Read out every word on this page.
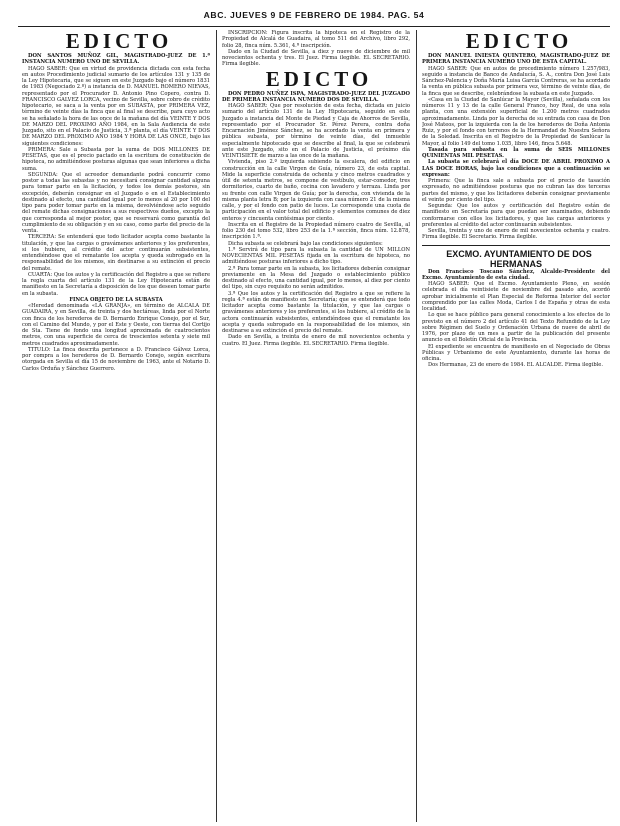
ABC. JUEVES 9 DE FEBRERO DE 1984. PAG. 54

EDICTO

DON SANTOS MUÑOZ GIL, MAGISTRADO-JUEZ DE 1.ª INSTANCIA NUMERO UNO DE SEVILLA.

HAGO SABER: Que en virtud de providencia dictada con esta fecha en autos Procedimiento judicial sumario de los artículos 131 y 135 de la Ley Hipotecaria, que se siguen en este Juzgado bajo el número 1831 de 1983 (Negociado 2.º) a instancia de D. MANUEL ROMERO NIEVAS, representado por el Procurador D. Antonio Pino Copero, contra D. FRANCISCO GALVEZ LORCA, vecino de Sevilla, sobre cobro de crédito hipotecario, se saca a la venta por en SUBASTA, por PRIMERA VEZ, término de veinte días la finca que al final se describe, para cuyo acto se ha señalado la hora de las once de la mañana del día VEINTE Y DOS DE MARZO DEL PROXIMO AÑO 1984, en la Sala Audiencia de este Juzgado, sito en el Palacio de Justicia, 3.ª planta, el día VEINTE Y DOS DE MARZO DEL PROXIMO AÑO 1984 Y HORA DE LAS ONCE, bajo las siguientes condiciones:

PRIMERA: Sale a Subasta por la suma de DOS MILLONES DE PESETAS, que es el precio pactado en la escritura de constitución de hipoteca, no admitiéndose posturas algunas que sean inferiores a dicha suma.

SEGUNDA: Que el acreedor demandante podrá concurrir como postor a todas las subastas y no necesitará consignar cantidad alguna para tomar parte en la licitación, y todos los demás postores, sin excepción, deberán consignar en el Juzgado o en el Establecimiento destinado al efecto, una cantidad igual por lo menos al 20 por 100 del tipo para poder tomar parte en la misma, devolviéndose acto seguido del remate dichas consignaciones a sus respectivos dueños, excepto la que corresponda al mejor postor, que se reservará como garantía del cumplimiento de su obligación y en su caso, como parte del precio de la venta.

TERCERA: Se entenderá que todo licitador acepta como bastante la titulación, y que las cargas o gravámenes anteriores y los preferentes, si los hubiere, al crédito del actor continuarán subsistentes, entendiéndose que el rematante los acepta y queda subrogado en la responsabilidad de los mismos, sin destinarse a su extinción el precio del remate.

CUARTA: Que los autos y la certificación del Registro a que se refiere la regla cuarta del artículo 131 de la Ley Hipotecaria están de manifiesto en la Secretaría a disposición de los que deseen tomar parte en la subasta.

FINCA OBJETO DE LA SUBASTA

«Heredad denominada «LA GRANJA», en término de ALCALA DE GUADAIRA, y en Sevilla, de treinta y dos hectáreas, linda por el Norte con finca de los herederos de D. Bernardo Enrique Conejo, por el Sur, con el Camino del Mundo, y por el Este y Oeste, con tierras del Cortijo de Sta. Tiene de fondo una longitud aproximada de cuatrocientos metros, con una superficie de cerca de trescientos setenta y siete mil metros cuadrados aproximadamente.

TITULO: La finca descrita pertenece a D. Francisco Gálvez Lorca, por compra a los herederos de D. Bernardo Conejo, según escritura otorgada en Sevilla el día 15 de noviembre de 1963, ante el Notario D. Carlos Orduña y Sánchez Guerrero.

INSCRIPCION: Figura inscrita la hipoteca en el Registro de la Propiedad de Alcalá de Guadaira, al tomo 511 del Archivo, libro 292, folio 28, finca núm. 5.361, 4.ª inscripción.

Dado en la Ciudad de Sevilla, a diez y nueve de diciembre de mil novecientos ochenta y tres. El Juez. Firma ilegible. EL SECRETARIO. Firma ilegible.

EDICTO

DON PEDRO NUÑEZ ISPA, MAGISTRADO-JUEZ DEL JUZGADO DE PRIMERA INSTANCIA NUMERO DOS DE SEVILLA.

HAGO SABER: Que por resolución de esta fecha, dictada en juicio sumario del artículo 131 de la Ley Hipotecaria, seguido en este Juzgado a instancia del Monte de Piedad y Caja de Ahorros de Sevilla, representado por el Procurador Sr. Pérez Perera, contra doña Encarnación Jiménez Sánchez, se ha acordado la venta en primera y pública subasta, por término de veinte días, del inmueble especialmente hipotecado que se describe al final, la que se celebrará ante este Juzgado, sito en el Palacio de Justicia, el próximo día VEINTISIETE de marzo a las once de la mañana.

Vivienda, piso 2.º izquierda subiendo la escalera, del edificio en construcción en la calle Virgen de Guía, número 23, de esta capital. Mide la superficie construida de ochenta y cinco metros cuadrados y útil de setenta metros, se compone de vestíbulo, estar-comedor, tres dormitorios, cuarto de baño, cocina con lavadero y terraza. Linda por su frente con calle Virgen de Guía; por la derecha, con vivienda de la misma planta letra B; por la izquierda con casa número 21 de la misma calle, y por el fondo con patio de luces. Le corresponde una cuota de participación en el valor total del edificio y elementos comunes de diez enteros y cincuenta centésimas por ciento.

Inscrita en el Registro de la Propiedad número cuatro de Sevilla, al folio 230 del tomo 532, libro 253 de la 1.ª sección, finca núm. 12.878, inscripción 1.ª.

Dicha subasta se celebrará bajo las condiciones siguientes:

1.ª Servirá de tipo para la subasta la cantidad de UN MILLON NOVECIENTAS MIL PESETAS fijada en la escritura de hipoteca, no admitiéndose posturas inferiores a dicho tipo.

2.ª Para tomar parte en la subasta, los licitadores deberán consignar previamente en la Mesa del Juzgado o establecimiento público destinado al efecto, una cantidad igual, por lo menos, al diez por ciento del tipo, sin cuyo requisito no serán admitidos.

3.ª Que los autos y la certificación del Registro a que se refiere la regla 4.ª están de manifiesto en Secretaría; que se entenderá que todo licitador acepta como bastante la titulación, y que las cargas o gravámenes anteriores y los preferentes, si los hubiere, al crédito de la actora continuarán subsistentes, entendiéndose que el rematante los acepta y queda subrogado en la responsabilidad de los mismos, sin destinarse a su extinción el precio del remate.

Dado en Sevilla, a treinta de enero de mil novecientos ochenta y cuatro. El Juez. Firma ilegible. EL SECRETARIO. Firma ilegible.

EDICTO

DON MANUEL INIESTA QUINTERO, MAGISTRADO-JUEZ DE PRIMERA INSTANCIA NUMERO UNO DE ESTA CAPITAL.

HAGO SABER: Que en autos de procedimiento número 1.257/983, seguido a instancia de Banco de Andalucía, S. A., contra Don José Luis Sánchez-Palencia y Doña María Luisa García Contreras, se ha acordado la venta en pública subasta por primera vez, término de veinte días, de la finca que se describe, celebrándose la subasta en este Juzgado.

«Casa en la Ciudad de Sanlúcar la Mayor (Sevilla), señalada con los números 11 y 13 de la calle General Franco, hoy Real, de una sola planta, con una extensión superficial de 1.200 metros cuadrados aproximadamente. Linda por la derecha de su entrada con casa de Don José Mateos, por la izquierda con la de los herederos de Doña Antonia Ruiz, y por el fondo con terrenos de la Hermandad de Nuestra Señora de la Soledad. Inscrita en el Registro de la Propiedad de Sanlúcar la Mayor, al folio 149 del tomo 1.035, libro 146, finca 5.648.

Tasada para subasta en la suma de SEIS MILLONES QUINIENTAS MIL PESETAS.

La subasta se celebrará el día DOCE DE ABRIL PROXIMO A LAS DOCE HORAS, bajo las condiciones que a continuación se expresan:

Primera: Que la finca sale a subasta por el precio de tasación expresado, no admitiéndose posturas que no cubran las dos terceras partes del mismo, y que los licitadores deberán consignar previamente el veinte por ciento del tipo.

Segunda: Que los autos y certificación del Registro están de manifiesto en Secretaría para que puedan ser examinados, debiendo conformarse con ellos los licitadores, y que las cargas anteriores y preferentes al crédito del actor continuarán subsistentes.

Sevilla, treinta y uno de enero de mil novecientos ochenta y cuatro. Firma ilegible. El Secretario. Firma ilegible.

EXCMO. AYUNTAMIENTO DE DOS HERMANAS

Don Francisco Toscano Sánchez, Alcalde-Presidente del Excmo. Ayuntamiento de esta ciudad.

HAGO SABER: Que el Excmo. Ayuntamiento Pleno, en sesión celebrada el día veintisiete de noviembre del pasado año, acordó aprobar inicialmente el Plan Especial de Reforma Interior del sector comprendido por las calles Moda, Carlos I de España y otras de esta localidad.

Lo que se hace público para general conocimiento a los efectos de lo previsto en el número 2 del artículo 41 del Texto Refundido de la Ley sobre Régimen del Suelo y Ordenación Urbana de nueve de abril de 1976, por plazo de un mes a partir de la publicación del presente anuncio en el Boletín Oficial de la Provincia.

El expediente se encuentra de manifiesto en el Negociado de Obras Públicas y Urbanismo de este Ayuntamiento, durante las horas de oficina.

Dos Hermanas, 23 de enero de 1984. EL ALCALDE. Firma ilegible.
